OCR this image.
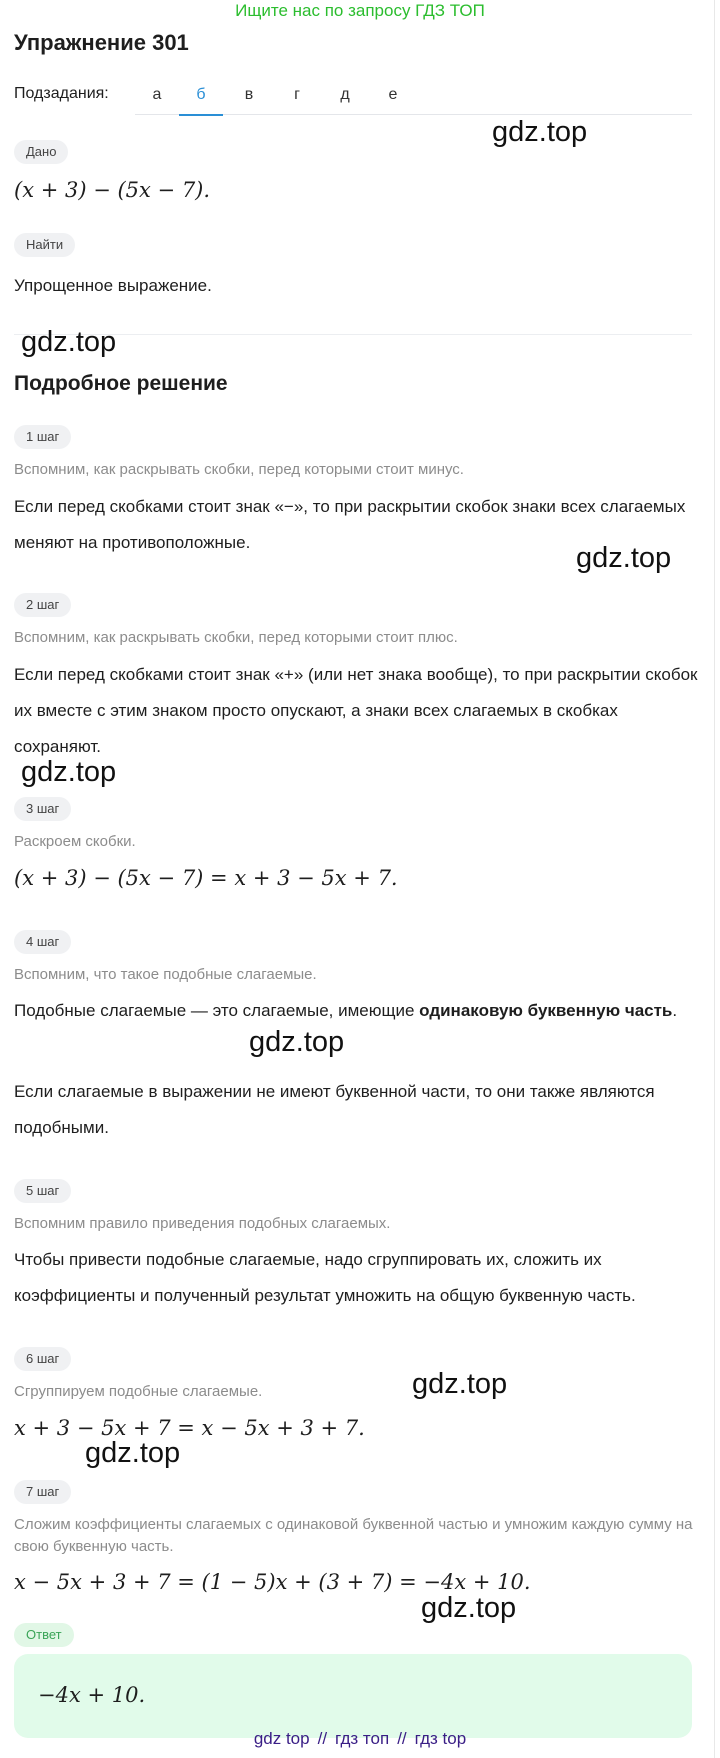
Ищите нас по запросу ГДЗ ТОП
Упражнение 301
Подзадания:	а	б	в	г	д	е
Дано
(x + 3) − (5x − 7).
Найти
Упрощенное выражение.
Подробное решение
1 шаг
Вспомним, как раскрывать скобки, перед которыми стоит минус.
Если перед скобками стоит знак «−», то при раскрытии скобок знаки всех слагаемых меняют на противоположные.
2 шаг
Вспомним, как раскрывать скобки, перед которыми стоит плюс.
Если перед скобками стоит знак «+» (или нет знака вообще), то при раскрытии скобок их вместе с этим знаком просто опускают, а знаки всех слагаемых в скобках сохраняют.
3 шаг
Раскроем скобки.
(x + 3) − (5x − 7) = x + 3 − 5x + 7.
4 шаг
Вспомним, что такое подобные слагаемые.
Подобные слагаемые — это слагаемые, имеющие одинаковую буквенную часть.
Если слагаемые в выражении не имеют буквенной части, то они также являются подобными.
5 шаг
Вспомним правило приведения подобных слагаемых.
Чтобы привести подобные слагаемые, надо сгруппировать их, сложить их коэффициенты и полученный результат умножить на общую буквенную часть.
6 шаг
Сгруппируем подобные слагаемые.
x + 3 − 5x + 7 = x − 5x + 3 + 7.
7 шаг
Сложим коэффициенты слагаемых с одинаковой буквенной частью и умножим каждую сумму на свою буквенную часть.
x − 5x + 3 + 7 = (1 − 5)x + (3 + 7) = −4x + 10.
Ответ
−4x + 10.
gdz.top
gdz.top
gdz.top
gdz.top
gdz.top
gdz.top
gdz.top
gdz.top
gdz top // гдз топ // гдз top
